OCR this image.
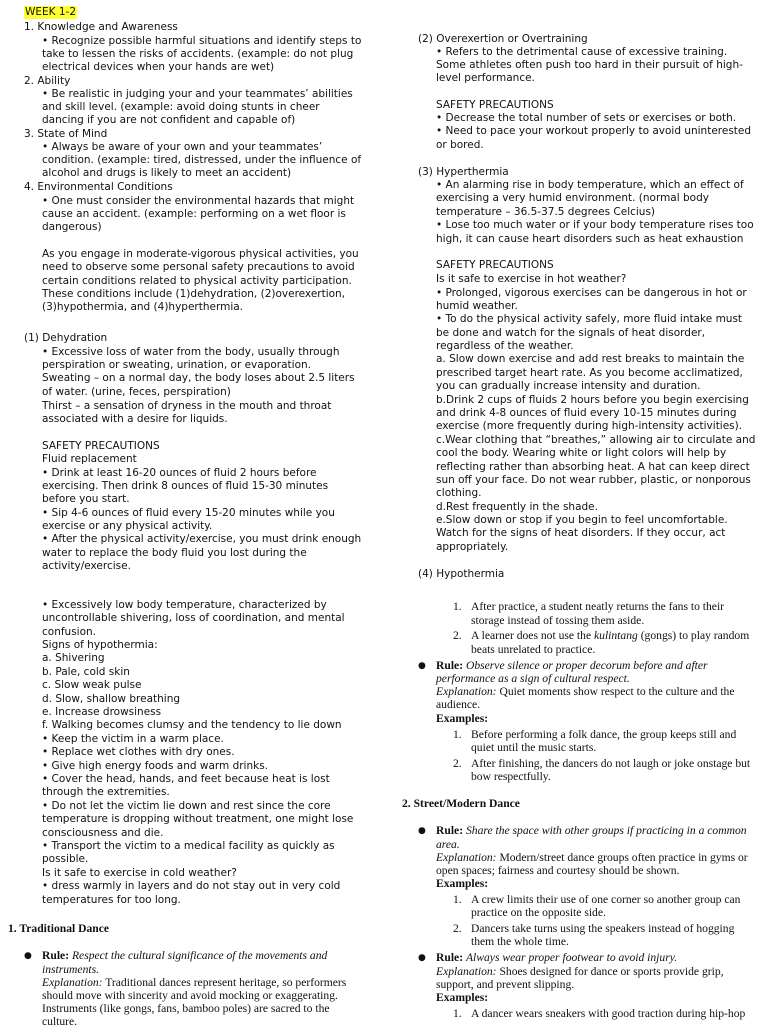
WEEK 1-2
1. Knowledge and Awareness
• Recognize possible harmful situations and identify steps to
take to lessen the risks of accidents. (example: do not plug
electrical devices when your hands are wet)
2. Ability
• Be realistic in judging your and your teammates’ abilities
and skill level. (example: avoid doing stunts in cheer
dancing if you are not confident and capable of)
3. State of Mind
• Always be aware of your own and your teammates’
condition. (example: tired, distressed, under the influence of
alcohol and drugs is likely to meet an accident)
4. Environmental Conditions
• One must consider the environmental hazards that might
cause an accident. (example: performing on a wet floor is
dangerous)
As you engage in moderate-vigorous physical activities, you
need to observe some personal safety precautions to avoid
certain conditions related to physical activity participation.
These conditions include (1)dehydration, (2)overexertion,
(3)hypothermia, and (4)hyperthermia.
(1) Dehydration
• Excessive loss of water from the body, usually through
perspiration or sweating, urination, or evaporation.
Sweating – on a normal day, the body loses about 2.5 liters
of water. (urine, feces, perspiration)
Thirst – a sensation of dryness in the mouth and throat
associated with a desire for liquids.
SAFETY PRECAUTIONS
Fluid replacement
• Drink at least 16-20 ounces of fluid 2 hours before
exercising. Then drink 8 ounces of fluid 15-30 minutes
before you start.
• Sip 4-6 ounces of fluid every 15-20 minutes while you
exercise or any physical activity.
• After the physical activity/exercise, you must drink enough
water to replace the body fluid you lost during the
activity/exercise.
• Excessively low body temperature, characterized by
uncontrollable shivering, loss of coordination, and mental
confusion.
Signs of hypothermia:
a. Shivering
b. Pale, cold skin
c. Slow weak pulse
d. Slow, shallow breathing
e. Increase drowsiness
f. Walking becomes clumsy and the tendency to lie down
• Keep the victim in a warm place.
• Replace wet clothes with dry ones.
• Give high energy foods and warm drinks.
• Cover the head, hands, and feet because heat is lost
through the extremities.
• Do not let the victim lie down and rest since the core
temperature is dropping without treatment, one might lose
consciousness and die.
• Transport the victim to a medical facility as quickly as
possible.
Is it safe to exercise in cold weather?
• dress warmly in layers and do not stay out in very cold
temperatures for too long.
1. Traditional Dance
● Rule: Respect the cultural significance of the movements and
instruments.
Explanation: Traditional dances represent heritage, so performers
should move with sincerity and avoid mocking or exaggerating.
Instruments (like gongs, fans, bamboo poles) are sacred to the
culture.
(2) Overexertion or Overtraining
• Refers to the detrimental cause of excessive training.
Some athletes often push too hard in their pursuit of high-
level performance.
SAFETY PRECAUTIONS
• Decrease the total number of sets or exercises or both.
• Need to pace your workout properly to avoid uninterested
or bored.
(3) Hyperthermia
• An alarming rise in body temperature, which an effect of
exercising a very humid environment. (normal body
temperature – 36.5-37.5 degrees Celcius)
• Lose too much water or if your body temperature rises too
high, it can cause heart disorders such as heat exhaustion
SAFETY PRECAUTIONS
Is it safe to exercise in hot weather?
• Prolonged, vigorous exercises can be dangerous in hot or
humid weather.
• To do the physical activity safely, more fluid intake must
be done and watch for the signals of heat disorder,
regardless of the weather.
a. Slow down exercise and add rest breaks to maintain the
prescribed target heart rate. As you become acclimatized,
you can gradually increase intensity and duration.
b.Drink 2 cups of fluids 2 hours before you begin exercising
and drink 4-8 ounces of fluid every 10-15 minutes during
exercise (more frequently during high-intensity activities).
c.Wear clothing that “breathes,” allowing air to circulate and
cool the body. Wearing white or light colors will help by
reflecting rather than absorbing heat. A hat can keep direct
sun off your face. Do not wear rubber, plastic, or nonporous
clothing.
d.Rest frequently in the shade.
e.Slow down or stop if you begin to feel uncomfortable.
Watch for the signs of heat disorders. If they occur, act
appropriately.
(4) Hypothermia
1. After practice, a student neatly returns the fans to their
storage instead of tossing them aside.
2. A learner does not use the kulintang (gongs) to play random
beats unrelated to practice.
● Rule: Observe silence or proper decorum before and after
performance as a sign of cultural respect.
Explanation: Quiet moments show respect to the culture and the
audience.
Examples:
1. Before performing a folk dance, the group keeps still and
quiet until the music starts.
2. After finishing, the dancers do not laugh or joke onstage but
bow respectfully.
2. Street/Modern Dance
● Rule: Share the space with other groups if practicing in a common
area.
Explanation: Modern/street dance groups often practice in gyms or
open spaces; fairness and courtesy should be shown.
Examples:
1. A crew limits their use of one corner so another group can
practice on the opposite side.
2. Dancers take turns using the speakers instead of hogging
them the whole time.
● Rule: Always wear proper footwear to avoid injury.
Explanation: Shoes designed for dance or sports provide grip,
support, and prevent slipping.
Examples:
1. A dancer wears sneakers with good traction during hip-hop
